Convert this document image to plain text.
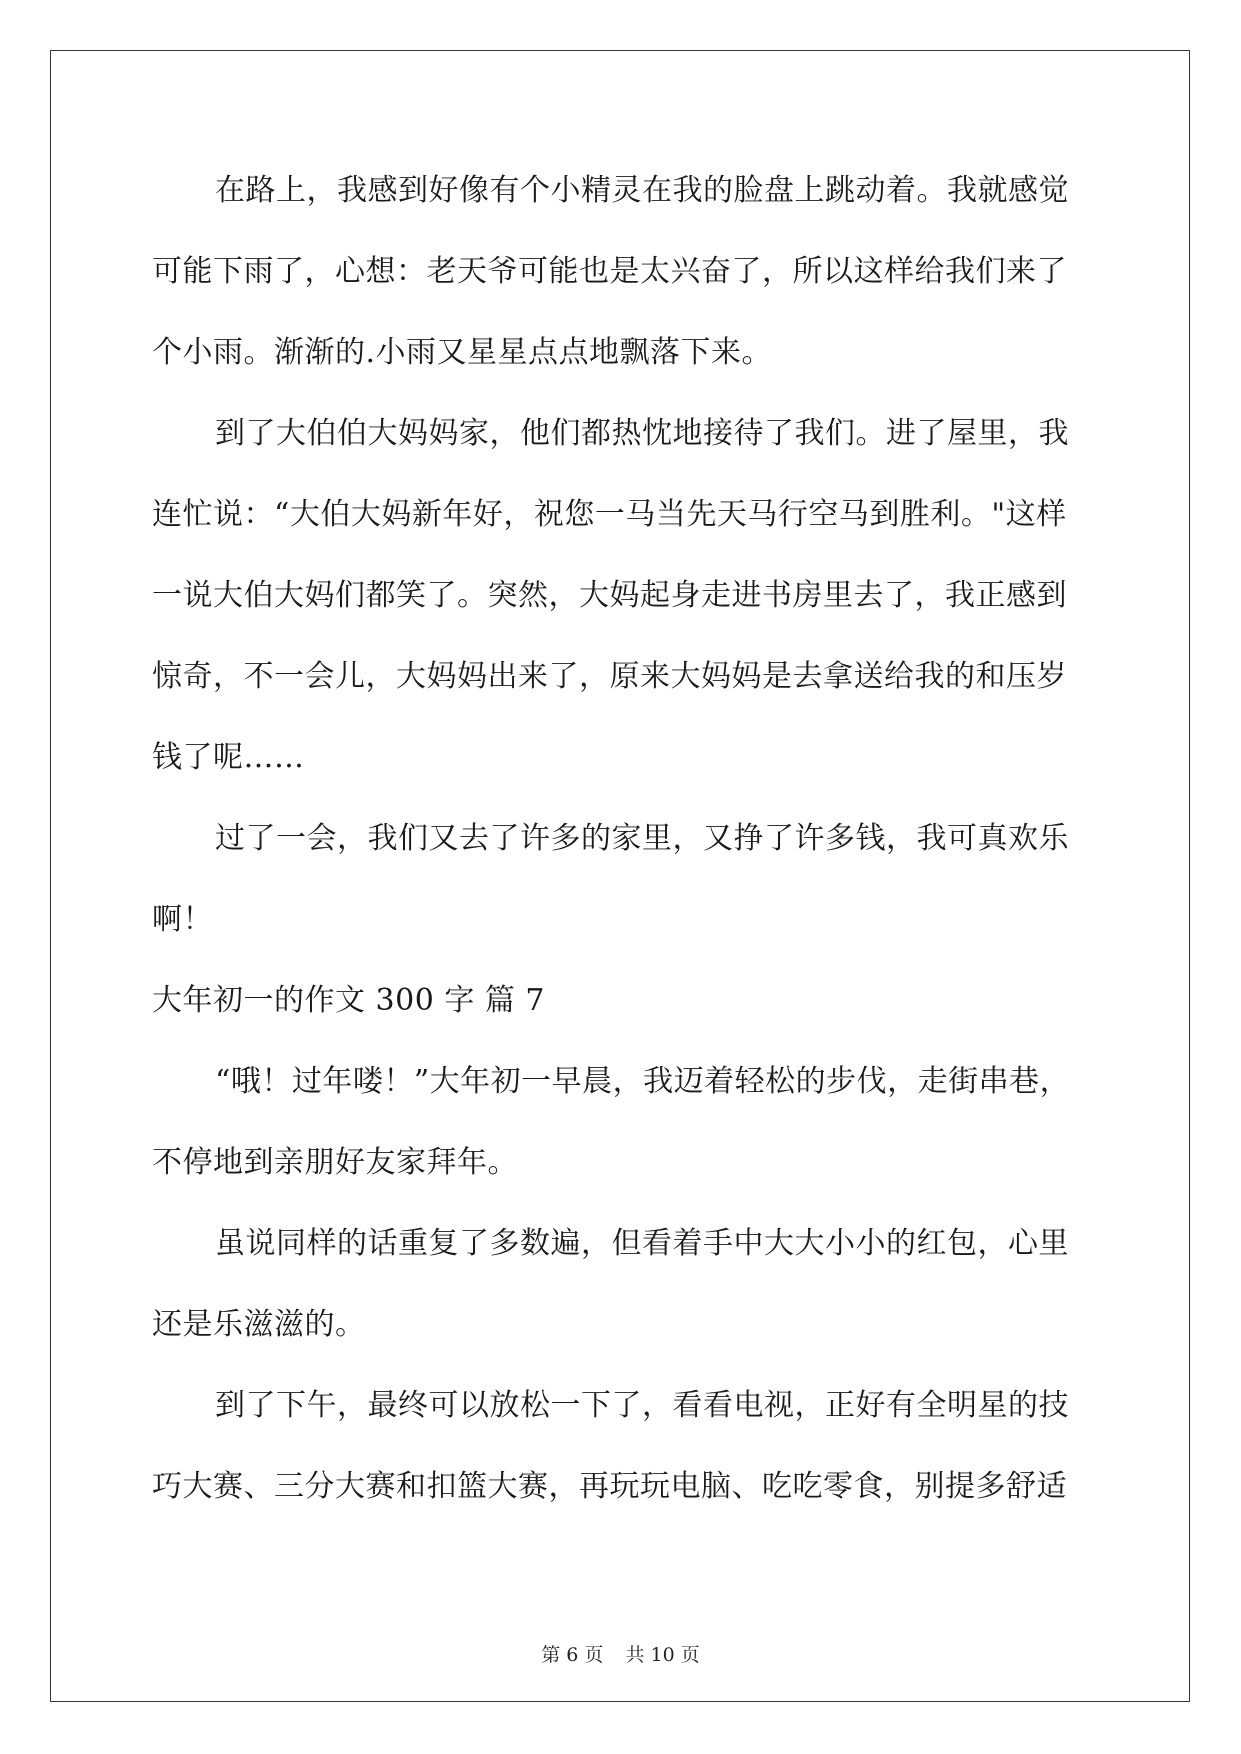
在路上，我感到好像有个小精灵在我的脸盘上跳动着。我就感觉
可能下雨了，心想：老天爷可能也是太兴奋了，所以这样给我们来了
个小雨。渐渐的.小雨又星星点点地飘落下来。
到了大伯伯大妈妈家，他们都热忱地接待了我们。进了屋里，我
连忙说：“大伯大妈新年好，祝您一马当先天马行空马到胜利。"这样
一说大伯大妈们都笑了。突然，大妈起身走进书房里去了，我正感到
惊奇，不一会儿，大妈妈出来了，原来大妈妈是去拿送给我的和压岁
钱了呢……
过了一会，我们又去了许多的家里，又挣了许多钱，我可真欢乐
啊！
大年初一的作文 300 字 篇 7
“哦！过年喽！”大年初一早晨，我迈着轻松的步伐，走街串巷，
不停地到亲朋好友家拜年。
虽说同样的话重复了多数遍，但看着手中大大小小的红包，心里
还是乐滋滋的。
到了下午，最终可以放松一下了，看看电视，正好有全明星的技
巧大赛、三分大赛和扣篮大赛，再玩玩电脑、吃吃零食，别提多舒适
第 6 页 共 10 页
